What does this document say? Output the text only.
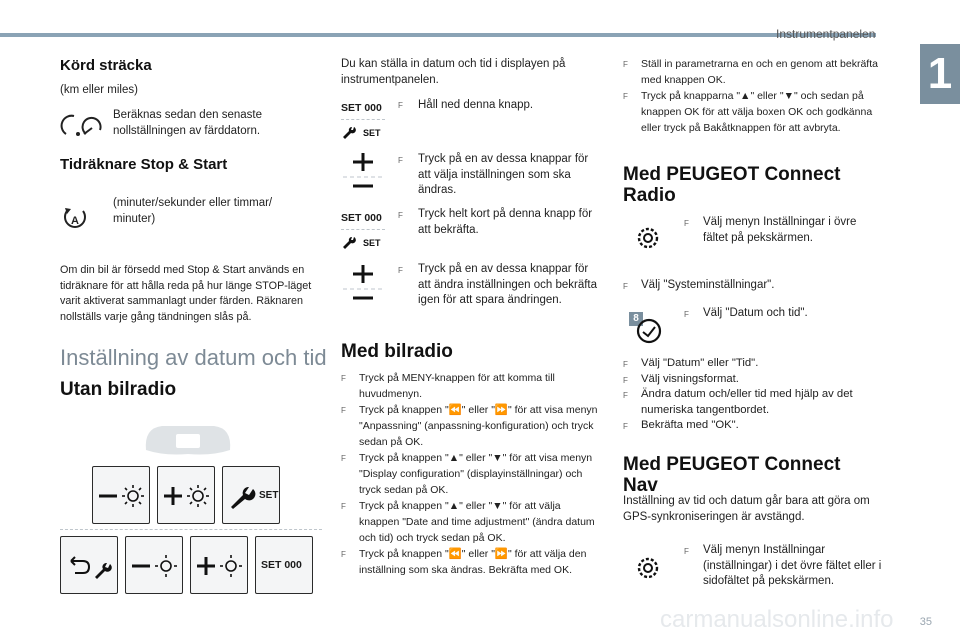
Instrumentpanelen
1
Körd sträcka
(km eller miles)
Beräknas sedan den senaste nollställningen av färddatorn.
Tidräknare Stop & Start
A
(minuter/sekunder eller timmar/ minuter)
Om din bil är försedd med Stop & Start används en tidräknare för att hålla reda på hur länge STOP-läget varit aktiverat sammanlagt under färden. Räknaren nollställs varje gång tändningen slås på.
Inställning av datum och tid
Utan bilradio
SET
SET 000
Du kan ställa in datum och tid i displayen på instrumentpanelen.
SET 000
SET
F Håll ned denna knapp.
F Tryck på en av dessa knappar för att välja inställningen som ska ändras.
SET 000
SET
F Tryck helt kort på denna knapp för att bekräfta.
F Tryck på en av dessa knappar för att ändra inställningen och bekräfta igen för att spara ändringen.
Med bilradio
F Tryck på MENY-knappen för att komma till huvudmenyn.
F Tryck på knappen "⏪" eller "⏩" för att visa menyn "Anpassning" (anpassning-konfiguration) och tryck sedan på OK.
F Tryck på knappen "▲" eller "▼" för att visa menyn "Display configuration" (displayinställningar) och tryck sedan på OK.
F Tryck på knappen "▲" eller "▼" för att välja knappen "Date and time adjustment" (ändra datum och tid) och tryck sedan på OK.
F Tryck på knappen "⏪" eller "⏩" för att välja den inställning som ska ändras. Bekräfta med OK.
F Ställ in parametrarna en och en genom att bekräfta med knappen OK.
F Tryck på knapparna "▲" eller "▼" och sedan på knappen OK för att välja boxen OK och godkänna eller tryck på Bakåtknappen för att avbryta.
Med PEUGEOT Connect Radio
F Välj menyn Inställningar i övre fältet på pekskärmen.
F Välj "Systeminställningar".
8	F Välj "Datum och tid".
F Välj "Datum" eller "Tid".
F Välj visningsformat.
F Ändra datum och/eller tid med hjälp av det numeriska tangentbordet.
F Bekräfta med "OK".
Med PEUGEOT Connect Nav
Inställning av tid och datum går bara att göra om GPS-synkroniseringen är avstängd.
F Välj menyn Inställningar (inställningar) i det övre fältet eller i sidofältet på pekskärmen.
carmanualsonline.info 35
